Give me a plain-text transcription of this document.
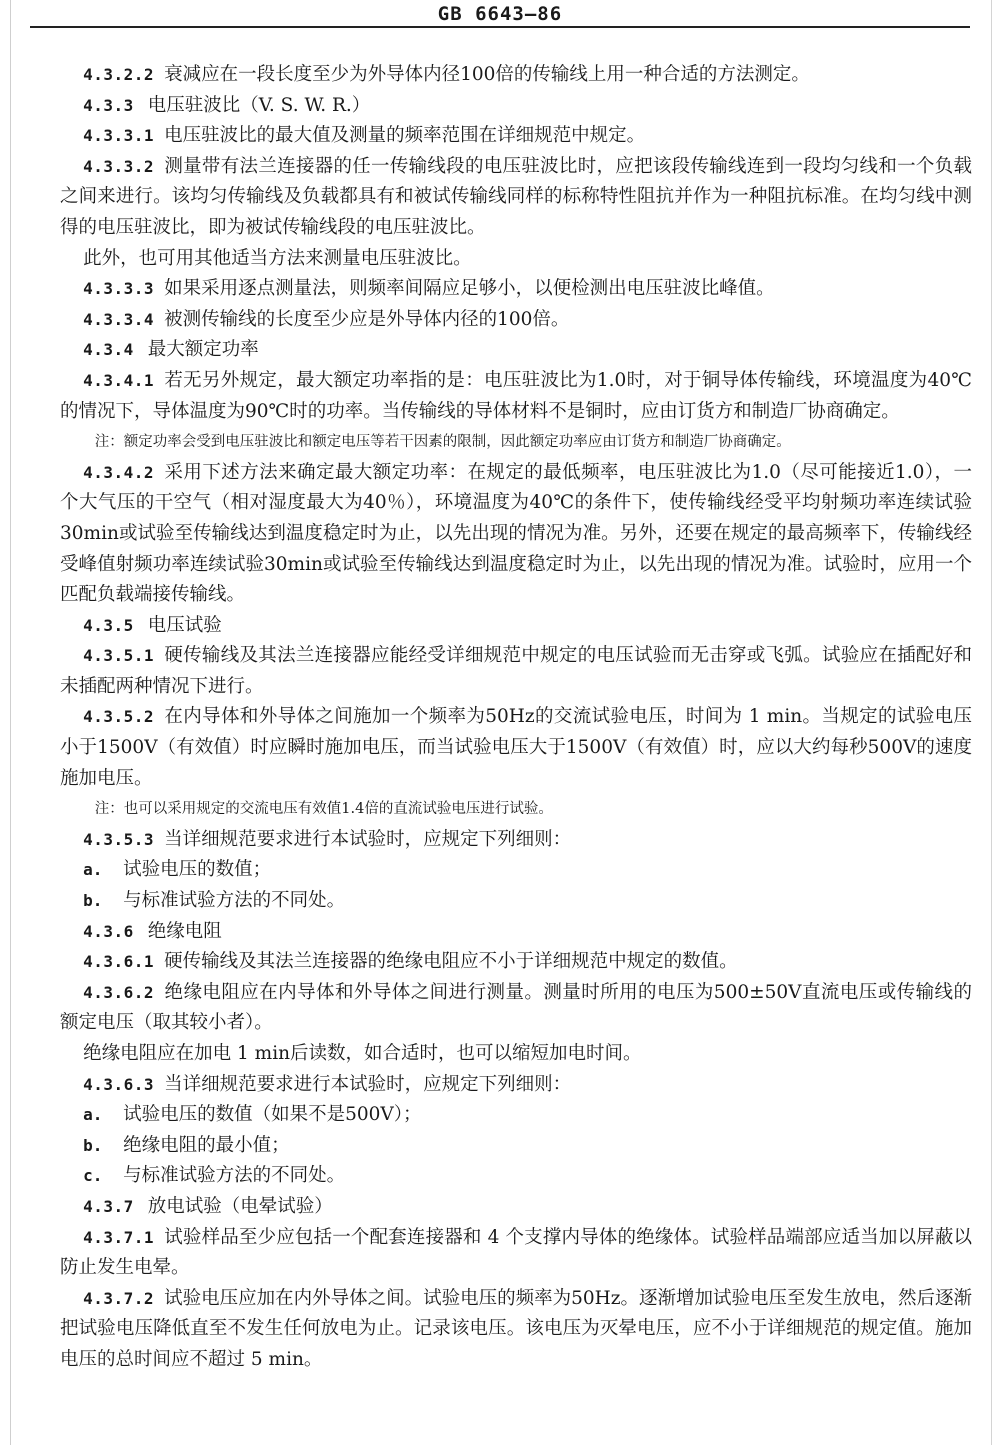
GB 6643—86

4.3.2.2 衰减应在一段长度至少为外导体内径100倍的传输线上用一种合适的方法测定。

4.3.3 电压驻波比（V. S. W. R.）

4.3.3.1 电压驻波比的最大值及测量的频率范围在详细规范中规定。

4.3.3.2 测量带有法兰连接器的任一传输线段的电压驻波比时，应把该段传输线连到一段均匀线和一个负载之间来进行。该均匀传输线及负载都具有和被试传输线同样的标称特性阻抗并作为一种阻抗标准。在均匀线中测得的电压驻波比，即为被试传输线段的电压驻波比。

此外，也可用其他适当方法来测量电压驻波比。

4.3.3.3 如果采用逐点测量法，则频率间隔应足够小，以便检测出电压驻波比峰值。

4.3.3.4 被测传输线的长度至少应是外导体内径的100倍。

4.3.4 最大额定功率

4.3.4.1 若无另外规定，最大额定功率指的是：电压驻波比为1.0时，对于铜导体传输线，环境温度为40℃的情况下，导体温度为90℃时的功率。当传输线的导体材料不是铜时，应由订货方和制造厂协商确定。

注：额定功率会受到电压驻波比和额定电压等若干因素的限制，因此额定功率应由订货方和制造厂协商确定。

4.3.4.2 采用下述方法来确定最大额定功率：在规定的最低频率，电压驻波比为1.0（尽可能接近1.0），一个大气压的干空气（相对湿度最大为40％），环境温度为40℃的条件下，使传输线经受平均射频功率连续试验30min或试验至传输线达到温度稳定时为止，以先出现的情况为准。另外，还要在规定的最高频率下，传输线经受峰值射频功率连续试验30min或试验至传输线达到温度稳定时为止，以先出现的情况为准。试验时，应用一个匹配负载端接传输线。

4.3.5 电压试验

4.3.5.1 硬传输线及其法兰连接器应能经受详细规范中规定的电压试验而无击穿或飞弧。试验应在插配好和未插配两种情况下进行。

4.3.5.2 在内导体和外导体之间施加一个频率为50Hz的交流试验电压，时间为 1 min。当规定的试验电压小于1500V（有效值）时应瞬时施加电压，而当试验电压大于1500V（有效值）时，应以大约每秒500V的速度施加电压。

注：也可以采用规定的交流电压有效值1.4倍的直流试验电压进行试验。

4.3.5.3 当详细规范要求进行本试验时，应规定下列细则：

a. 试验电压的数值；

b. 与标准试验方法的不同处。

4.3.6 绝缘电阻

4.3.6.1 硬传输线及其法兰连接器的绝缘电阻应不小于详细规范中规定的数值。

4.3.6.2 绝缘电阻应在内导体和外导体之间进行测量。测量时所用的电压为500±50V直流电压或传输线的额定电压（取其较小者）。

绝缘电阻应在加电 1 min后读数，如合适时，也可以缩短加电时间。

4.3.6.3 当详细规范要求进行本试验时，应规定下列细则：

a. 试验电压的数值（如果不是500V）；

b. 绝缘电阻的最小值；

c. 与标准试验方法的不同处。

4.3.7 放电试验（电晕试验）

4.3.7.1 试验样品至少应包括一个配套连接器和 4 个支撑内导体的绝缘体。试验样品端部应适当加以屏蔽以防止发生电晕。

4.3.7.2 试验电压应加在内外导体之间。试验电压的频率为50Hz。逐渐增加试验电压至发生放电，然后逐渐把试验电压降低直至不发生任何放电为止。记录该电压。该电压为灭晕电压，应不小于详细规范的规定值。施加电压的总时间应不超过 5 min。
